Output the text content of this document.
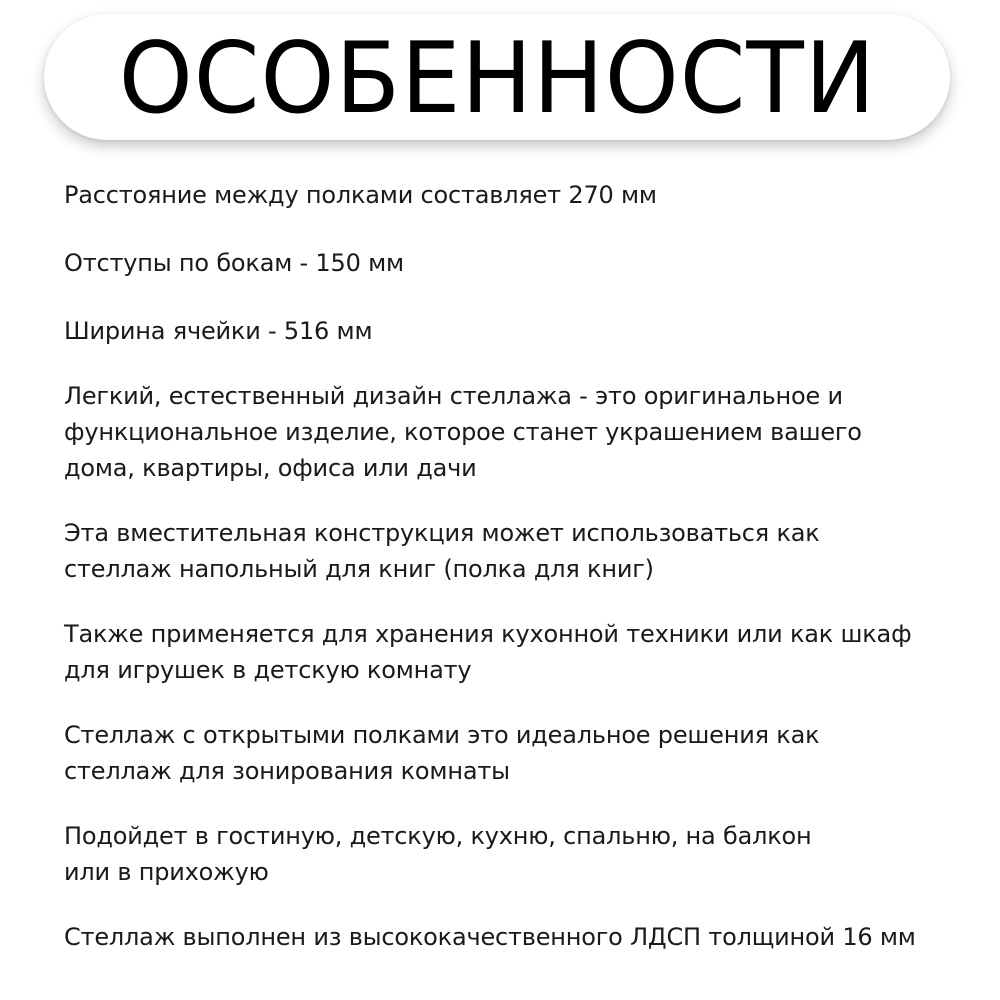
ОСОБЕННОСТИ
Расстояние между полками составляет 270 мм
Отступы по бокам - 150 мм
Ширина ячейки - 516 мм
Легкий, естественный дизайн стеллажа - это оригинальное и
функциональное изделие, которое станет украшением вашего
дома, квартиры, офиса или дачи
Эта вместительная конструкция может использоваться как
стеллаж напольный для книг (полка для книг)
Также применяется для хранения кухонной техники или как шкаф
для игрушек в детскую комнату
Стеллаж с открытыми полками это идеальное решения как
стеллаж для зонирования комнаты
Подойдет в гостиную, детскую, кухню, спальню, на балкон
или в прихожую
Стеллаж выполнен из высококачественного ЛДСП толщиной 16 мм
